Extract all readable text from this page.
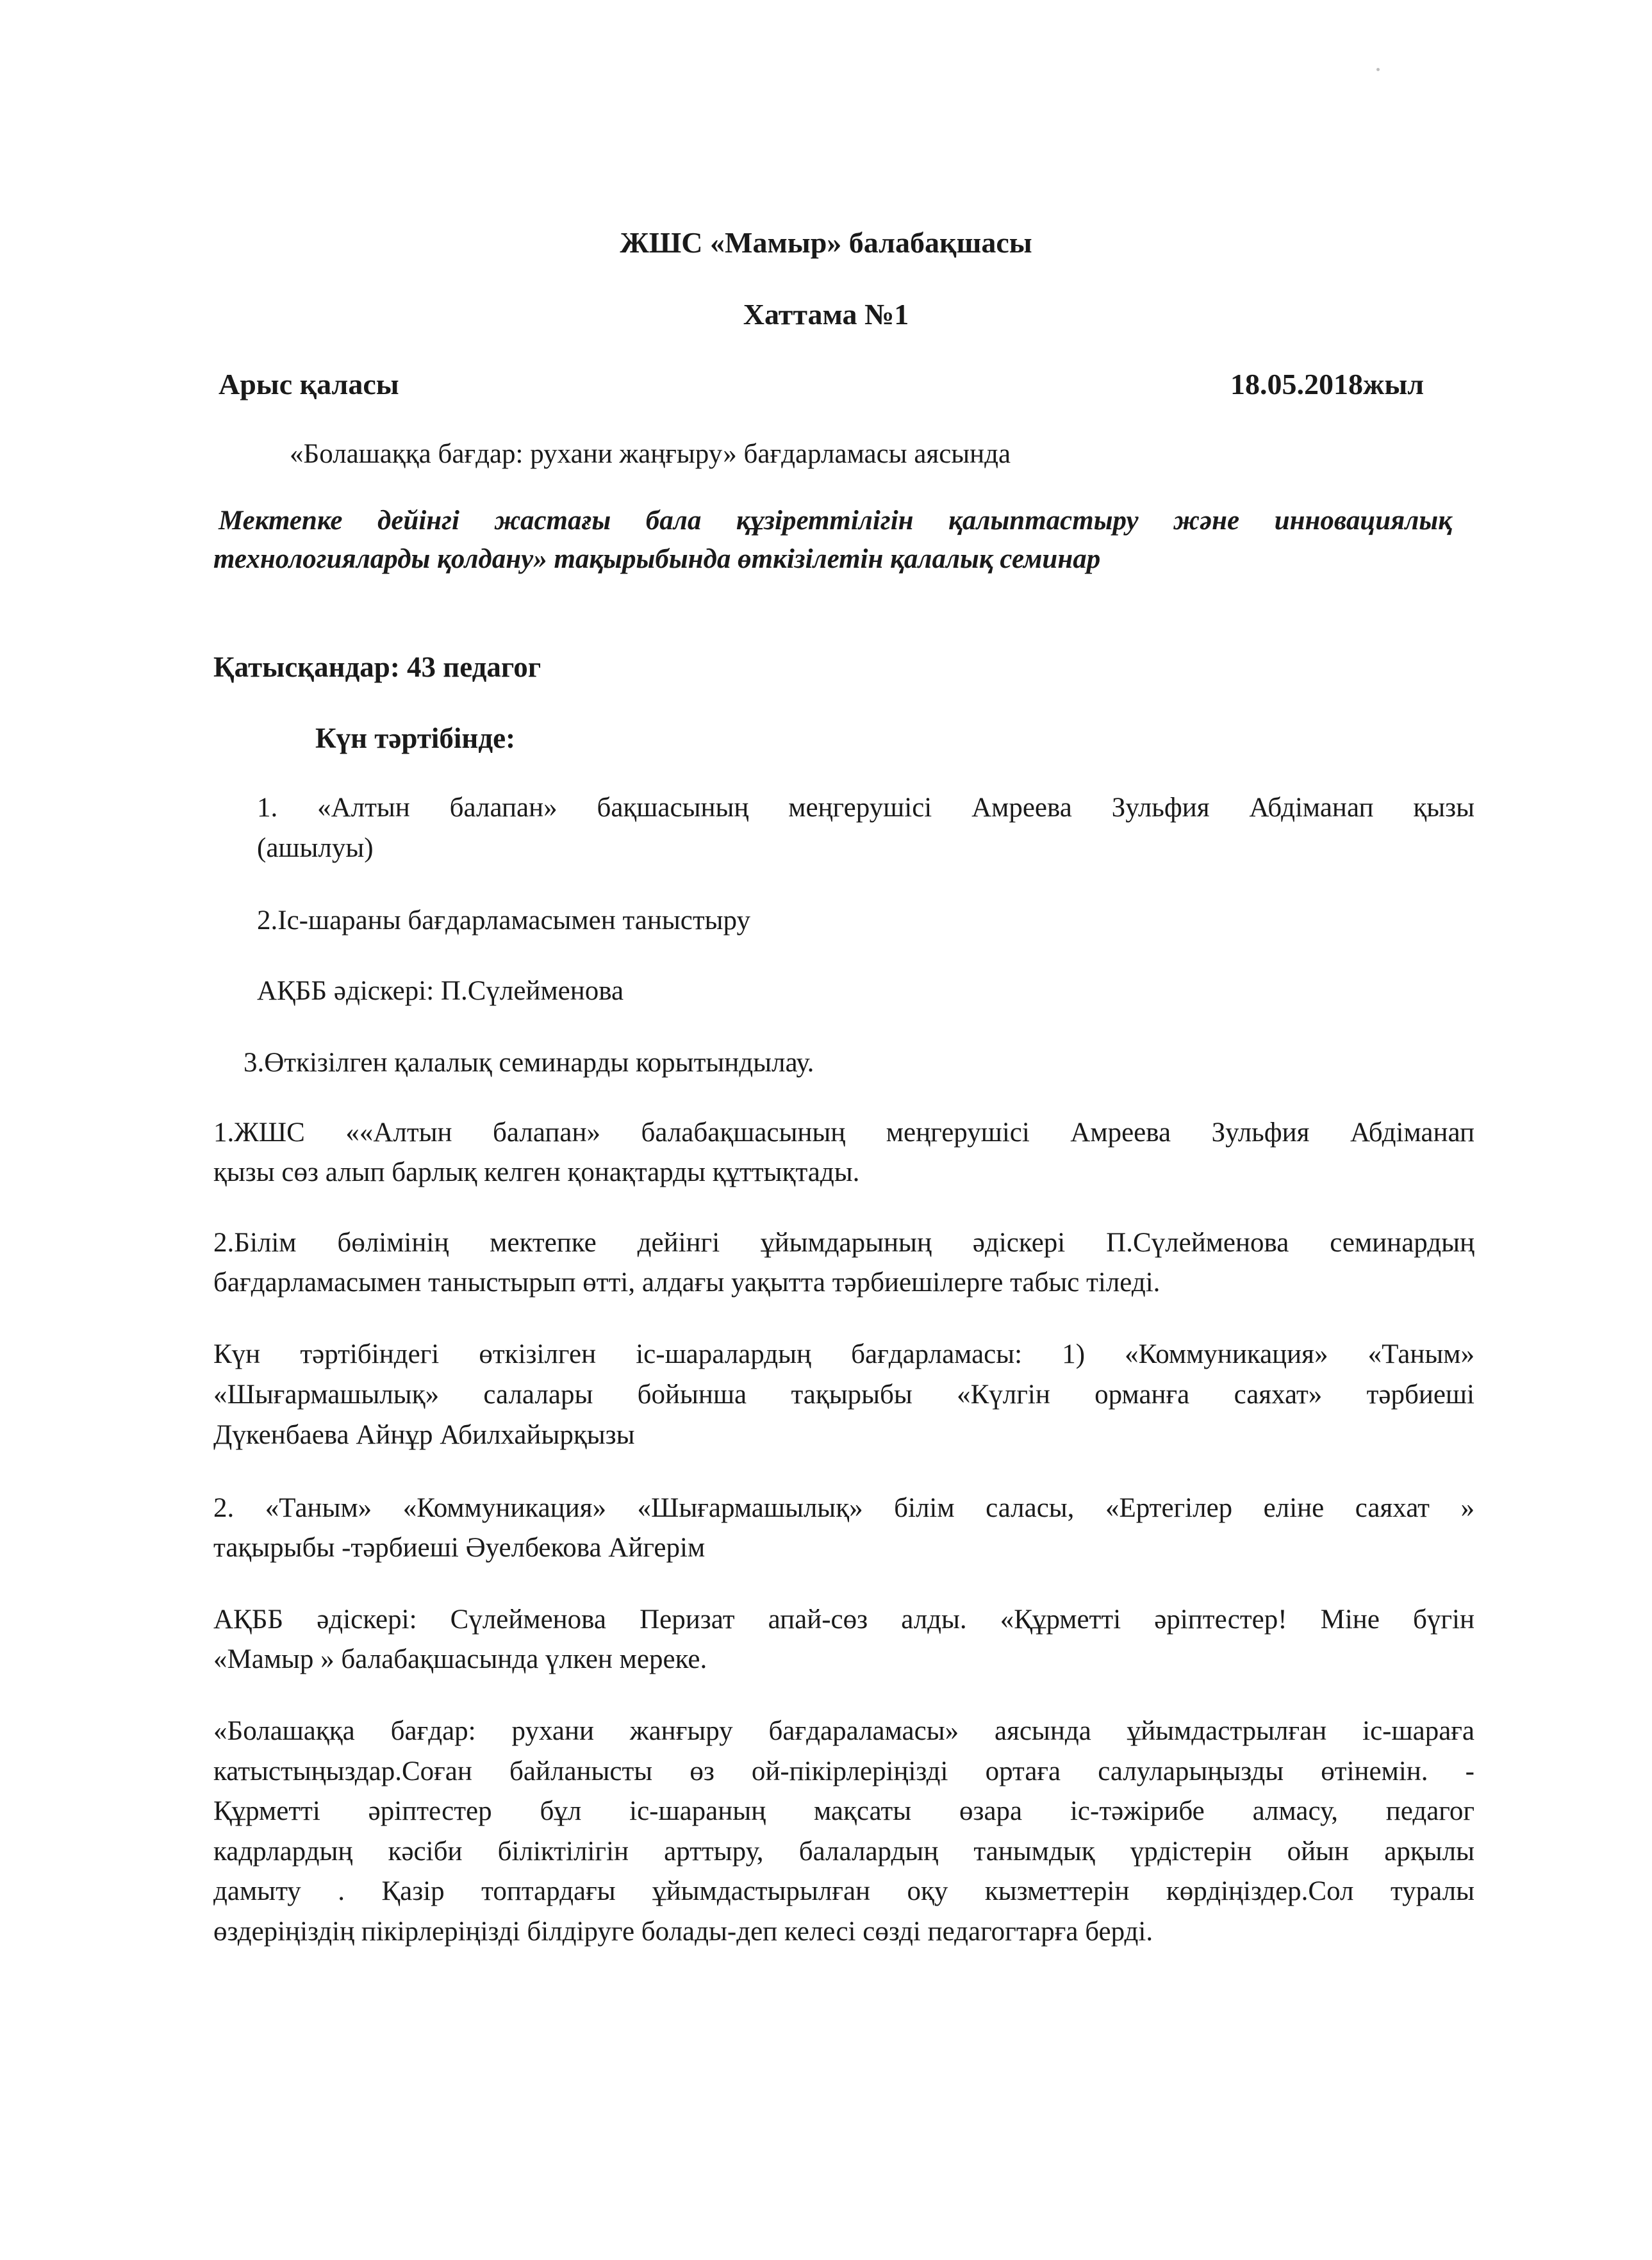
ЖШС «Мамыр» балабақшасы
Хаттама №1
Арыс қаласы	18.05.2018жыл
«Болашаққа бағдар: рухани жаңғыру» бағдарламасы аясында
Мектепке дейінгі жастағы бала құзіреттілігін қалыптастыру және инновациялық
технологияларды қолдану» тақырыбында өткізілетін қалалық семинар
Қатысқандар: 43 педагог
Күн тәртібінде:
1. «Алтын балапан» бақшасының меңгерушісі Амреева Зульфия Абдіманап қызы
(ашылуы)
2.Іс-шараны бағдарламасымен таныстыру
АҚББ әдіскері: П.Сүлейменова
3.Өткізілген қалалық семинарды корытындылау.
1.ЖШС ««Алтын балапан» балабақшасының меңгерушісі Амреева Зульфия Абдіманап
қызы сөз алып барлық келген қонақтарды құттықтады.
2.Білім бөлімінің мектепке дейінгі ұйымдарының әдіскері П.Сүлейменова семинардың
бағдарламасымен таныстырып өтті, алдағы уақытта тәрбиешілерге табыс тіледі.
Күн тәртібіндегі өткізілген іс-шаралардың бағдарламасы: 1) «Коммуникация» «Таным»
«Шығармашылық» салалары бойынша тақырыбы «Күлгін орманға саяхат» тәрбиеші
Дүкенбаева Айнұр Абилхайырқызы
2. «Таным» «Коммуникация» «Шығармашылық» білім саласы, «Ертегілер еліне саяхат »
тақырыбы -тәрбиеші Әуелбекова Айгерім
АҚББ әдіскері: Сүлейменова Перизат апай-сөз алды. «Құрметті әріптестер! Міне бүгін
«Мамыр » балабақшасында үлкен мереке.
«Болашаққа бағдар: рухани жанғыру бағдараламасы» аясында ұйымдастрылған іс-шараға
катыстыңыздар.Соған байланысты өз ой-пікірлеріңізді ортаға салуларыңызды өтінемін. -
Құрметті әріптестер бұл іс-шараның мақсаты өзара іс-тәжірибе алмасу, педагог
кадрлардың кәсіби біліктілігін арттыру, балалардың танымдық үрдістерін ойын арқылы
дамыту . Қазір топтардағы ұйымдастырылған оқу кызметтерін көрдіңіздер.Сол туралы
өздеріңіздің пікірлеріңізді білдіруге болады-деп келесі сөзді педагогтарға берді.
